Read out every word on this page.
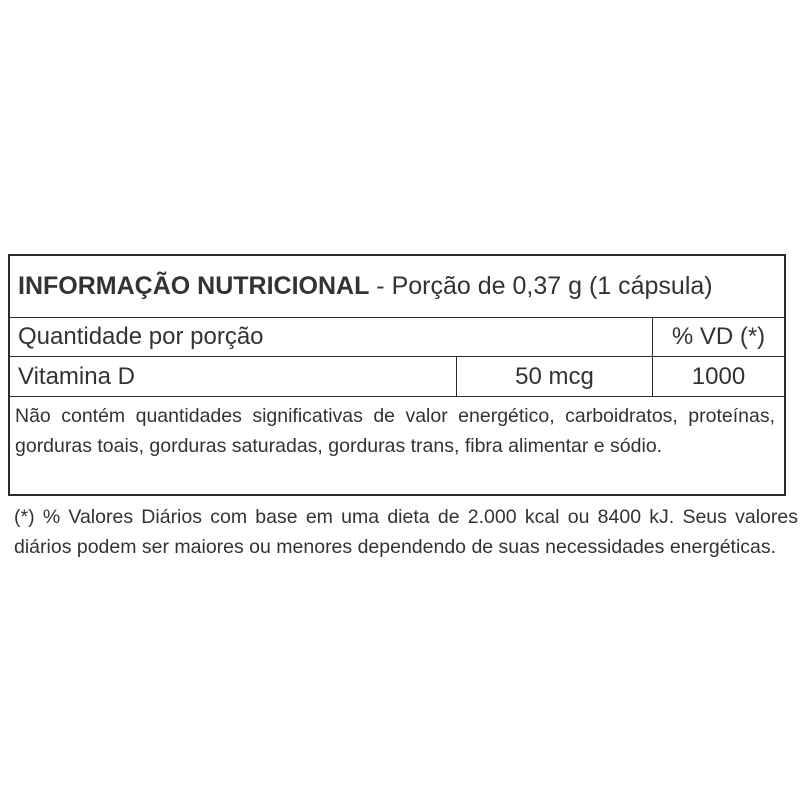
INFORMAÇÃO NUTRICIONAL - Porção de 0,37 g (1 cápsula)
Quantidade por porção	% VD (*)
Vitamina D	50 mcg	1000
Não contém quantidades significativas de valor energético, carboidratos, proteínas, gorduras toais, gorduras saturadas, gorduras trans, fibra alimentar e sódio.
(*) % Valores Diários com base em uma dieta de 2.000 kcal ou 8400 kJ. Seus valores diários podem ser maiores ou menores dependendo de suas necessidades energéticas.
